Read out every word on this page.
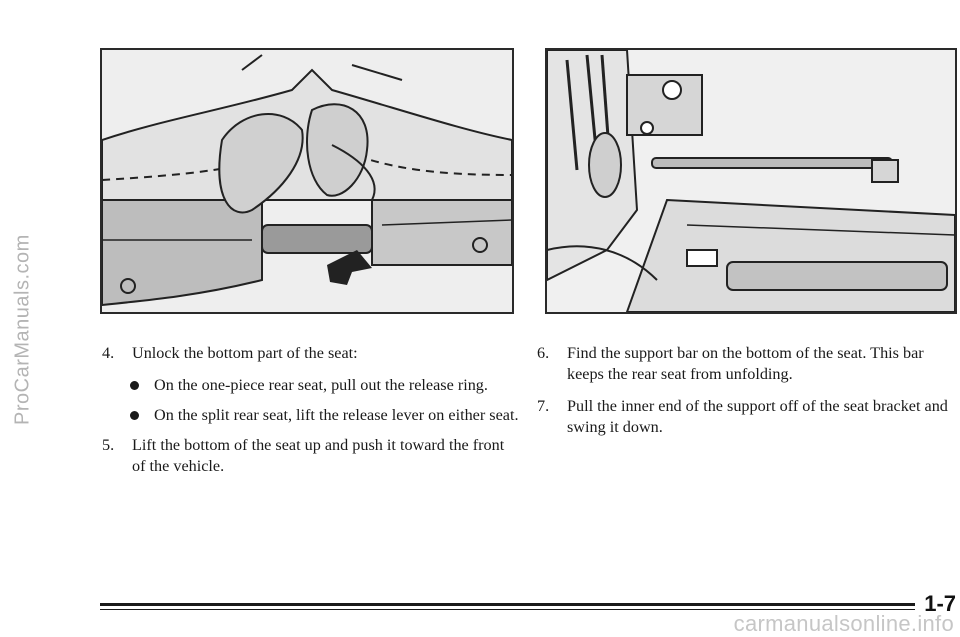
ProCarManuals.com	4.	Unlock the bottom part of the seat:
On the one-piece rear seat, pull out the release ring.
On the split rear seat, lift the release lever on either seat.
5.	Lift the bottom of the seat up and push it toward the front of the vehicle.
6.	Find the support bar on the bottom of the seat. This bar keeps the rear seat from unfolding.
7.	Pull the inner end of the support off of the seat bracket and swing it down.
1-7
carmanualsonline.info
